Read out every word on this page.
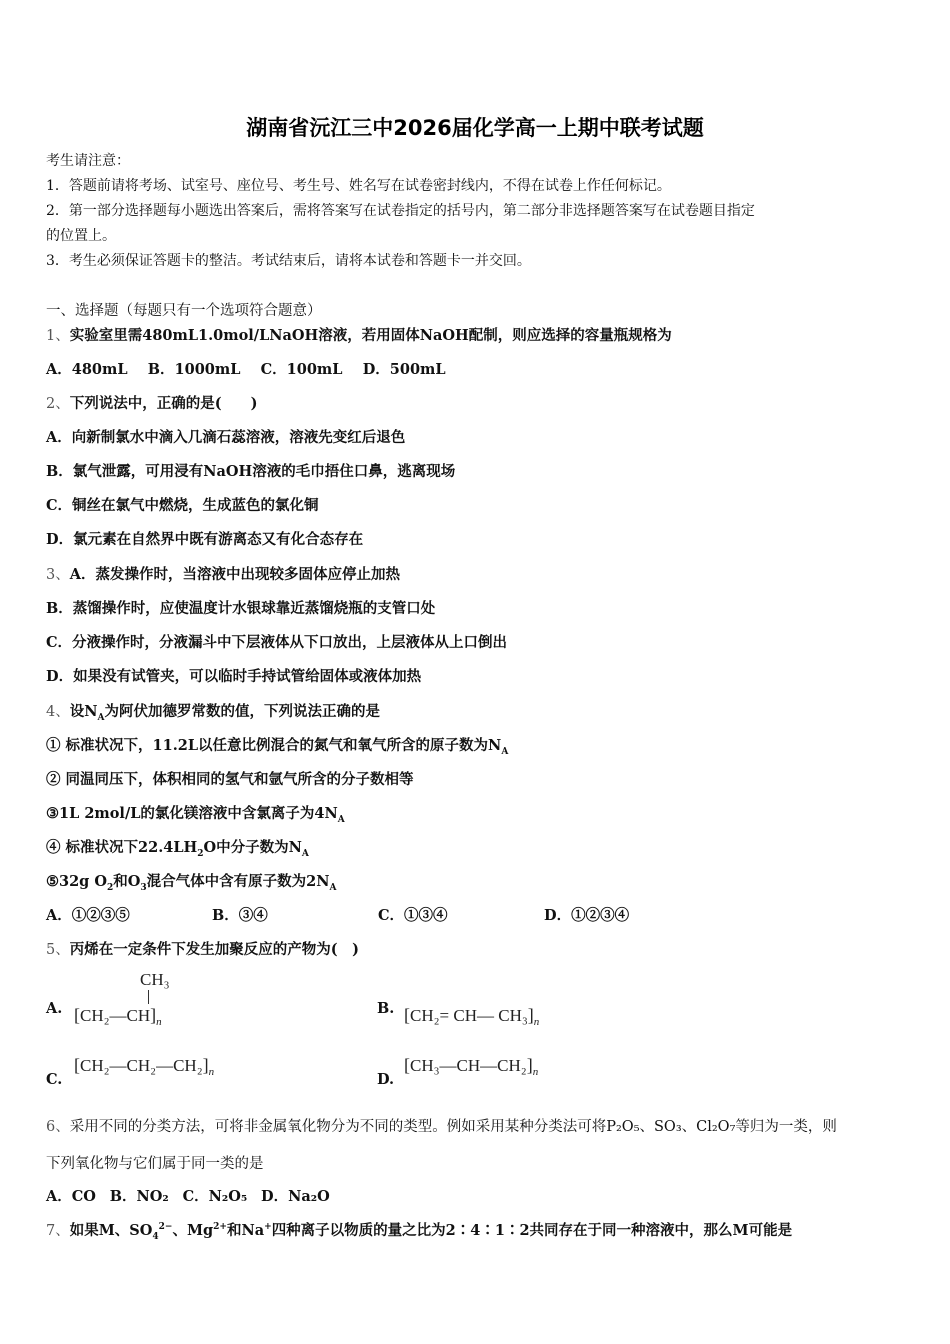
湖南省沅江三中2026届化学高一上期中联考试题
考生请注意：
1．答题前请将考场、试室号、座位号、考生号、姓名写在试卷密封线内，不得在试卷上作任何标记。
2．第一部分选择题每小题选出答案后，需将答案写在试卷指定的括号内，第二部分非选择题答案写在试卷题目指定
的位置上。
3．考生必须保证答题卡的整洁。考试结束后，请将本试卷和答题卡一并交回。
一、选择题（每题只有一个选项符合题意）
1、实验室里需480mL1.0mol/LNaOH溶液，若用固体NaOH配制，则应选择的容量瓶规格为
A．480mL B．1000mL C．100mL D．500mL
2、下列说法中，正确的是(　　)
A．向新制氯水中滴入几滴石蕊溶液，溶液先变红后退色
B．氯气泄露，可用浸有NaOH溶液的毛巾捂住口鼻，逃离现场
C．铜丝在氯气中燃烧，生成蓝色的氯化铜
D．氯元素在自然界中既有游离态又有化合态存在
3、A．蒸发操作时，当溶液中出现较多固体应停止加热
B．蒸馏操作时，应使温度计水银球靠近蒸馏烧瓶的支管口处
C．分液操作时，分液漏斗中下层液体从下口放出，上层液体从上口倒出
D．如果没有试管夹，可以临时手持试管给固体或液体加热
4、设$N_A$为阿伏加德罗常数的值，下列说法正确的是
① 标准状况下，11.2L以任意比例混合的氮气和氧气所含的原子数为$N_A$
② 同温同压下，体积相同的氢气和氩气所含的分子数相等
③1L 2mol/L的氯化镁溶液中含氯离子为$4N_A$
④ 标准状况下$22.4LH_2O$中分子数为$N_A$
⑤32g $O_2$和$O_3$混合气体中含有原子数为$2N_A$
A．①②③⑤	B．③④	C．①③④	D．①②③④
5、丙烯在一定条件下发生加聚反应的产物为(　)
A.
CH₃
$[CH_2—CH]_n$
B. [CH₂= CH— $CH_3]_n$
C.
$[CH_2—CH_2—CH_2]_n$	D.
$[CH_3—CH—CH_2]_n$
6、采用不同的分类方法，可将非金属氧化物分为不同的类型。例如采用某种分类法可将P₂O₅、SO₃、Cl₂O₇等归为一类，则
下列氧化物与它们属于同一类的是
A．CO B．NO₂ C．N₂O₅ D．Na₂O
7、如果M、$SO_4^{2-}$、$Mg^{2+}$和Na+四种离子以物质的量之比为2∶4∶1∶2共同存在于同一种溶液中，那么M可能是
